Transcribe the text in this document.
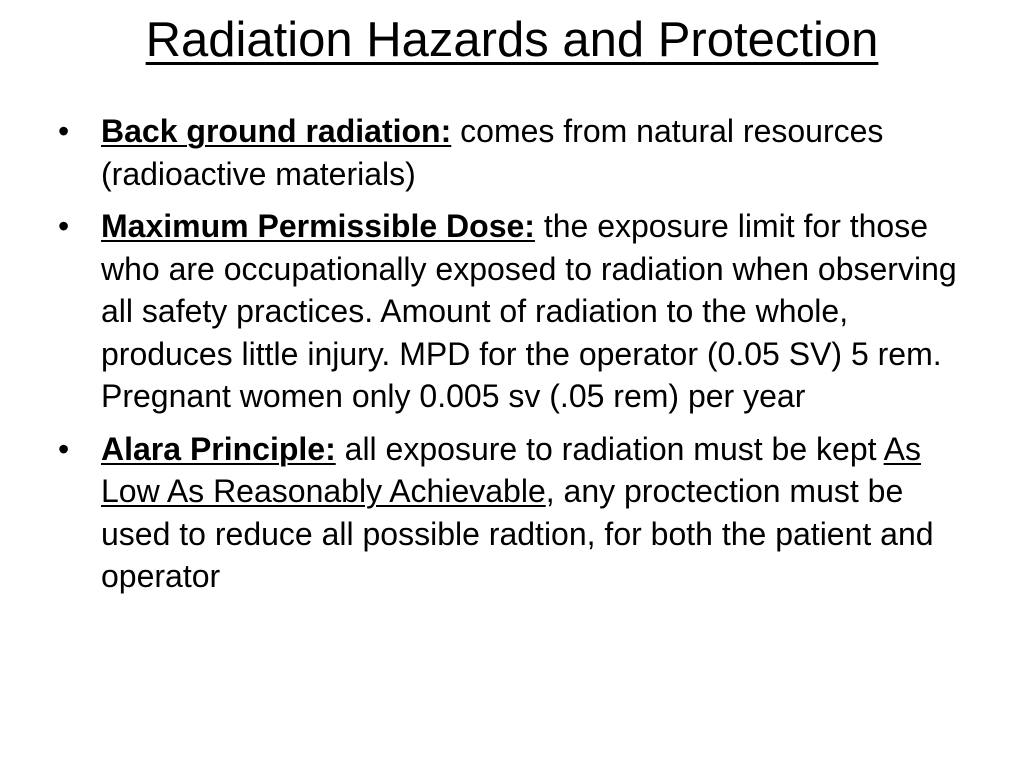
Radiation Hazards and Protection
• Back ground radiation: comes from natural resources (radioactive materials)
• Maximum Permissible Dose: the exposure limit for those who are occupationally exposed to radiation when observing all safety practices. Amount of radiation to the whole, produces little injury. MPD for the operator (0.05 SV) 5 rem. Pregnant women only 0.005 sv (.05 rem) per year
• Alara Principle: all exposure to radiation must be kept As Low As Reasonably Achievable, any proctection must be used to reduce all possible radtion, for both the patient and operator
